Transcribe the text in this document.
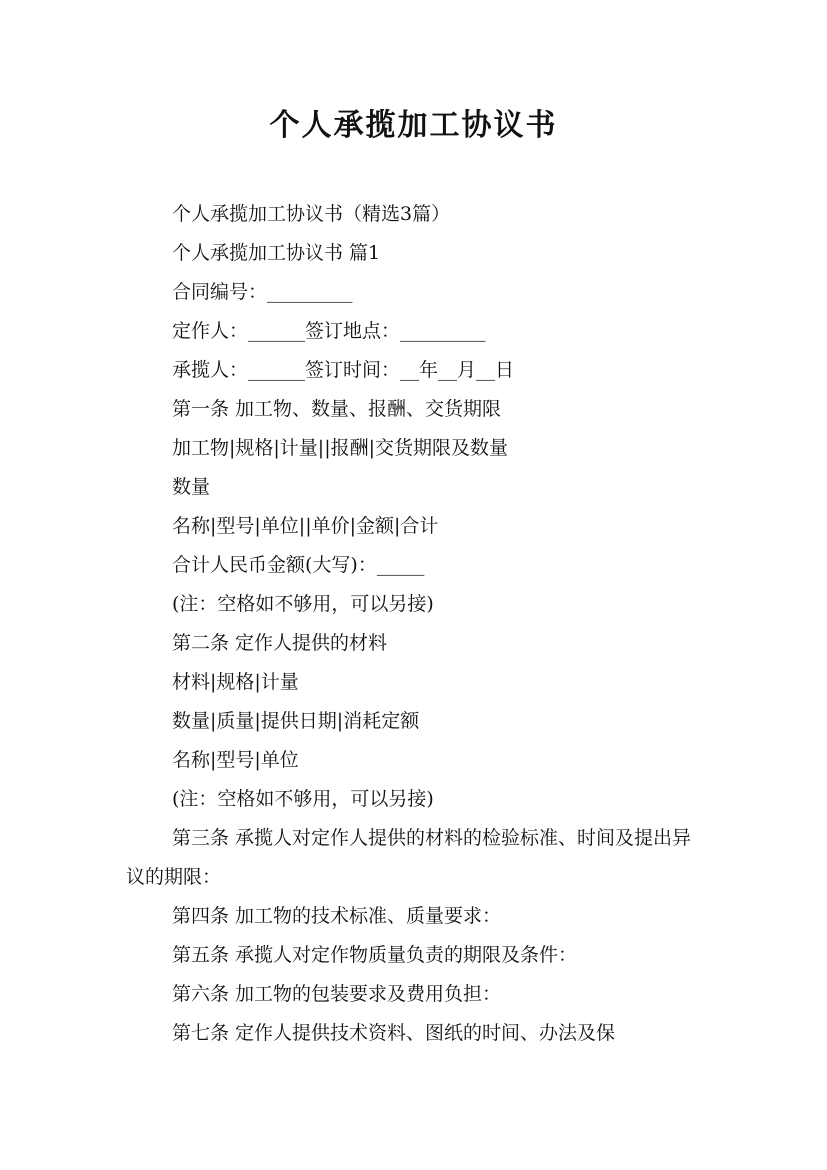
个人承揽加工协议书

个人承揽加工协议书（精选3篇）

个人承揽加工协议书 篇1

合同编号：_________

定作人：______签订地点：_________

承揽人：______签订时间：__年__月__日

第一条 加工物、数量、报酬、交货期限

加工物|规格|计量||报酬|交货期限及数量

数量

名称|型号|单位||单价|金额|合计

合计人民币金额(大写)：_____

(注：空格如不够用，可以另接)

第二条 定作人提供的材料

材料|规格|计量

数量|质量|提供日期|消耗定额

名称|型号|单位

(注：空格如不够用，可以另接)

第三条 承揽人对定作人提供的材料的检验标准、时间及提出异议的期限：

第四条 加工物的技术标准、质量要求：

第五条 承揽人对定作物质量负责的期限及条件：

第六条 加工物的包装要求及费用负担：

第七条 定作人提供技术资料、图纸的时间、办法及保
